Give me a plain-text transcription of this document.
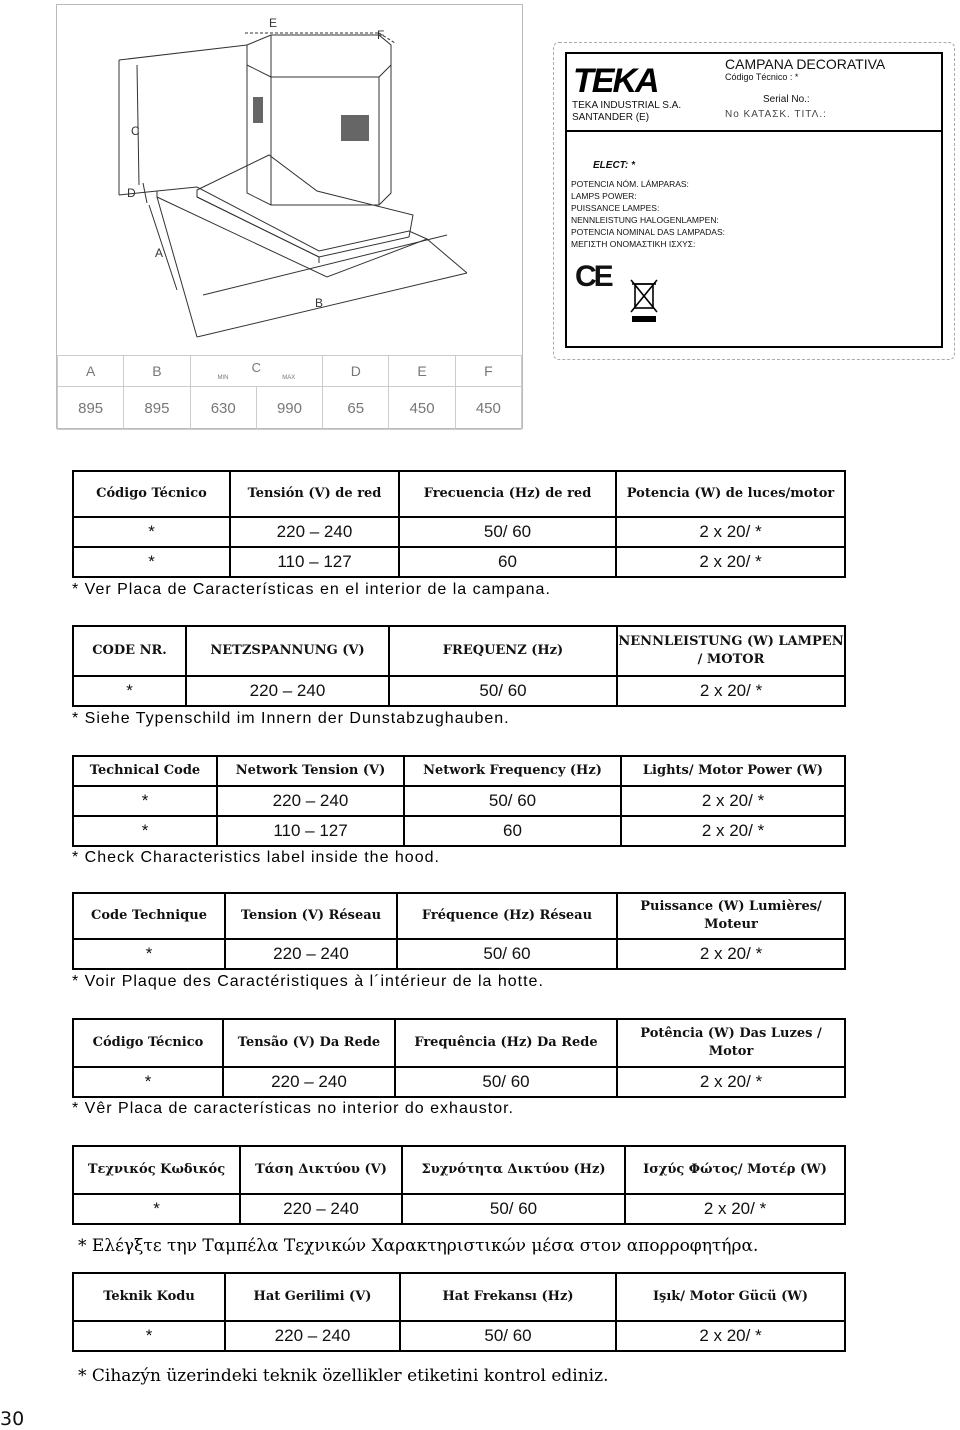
E
F
C
D
A
B
A	B	C
MIN MAX		D	E	F
895	895	630	990	65	450	450
TEKA
TEKA INDUSTRIAL S.A.
SANTANDER (E)
CAMPANA DECORATIVA
Código Técnico : *
Serial No.:
No ΚΑΤΑΣΚ. ΤΙΤΛ.:
ELECT: *
POTENCIA NÓM. LÁMPARAS:
LAMPS POWER:
PUISSANCE LAMPES:
NENNLEISTUNG HALOGENLAMPEN:
POTENCIA NOMINAL DAS LAMPADAS:
ΜΕΓΙΣΤΗ ΟΝΟΜΑΣΤΙΚΗ ΙΣΧΥΣ:
CE
Código Técnico	Tensión (V) de red	Frecuencia (Hz) de red	Potencia (W) de luces/motor
*	220 – 240	50/ 60	2 x 20/ *
*	110 – 127	60	2 x 20/ *
* Ver Placa de Características en el interior de la campana.
CODE NR.	NETZSPANNUNG (V)	FREQUENZ (Hz)	NENNLEISTUNG (W) LAMPEN / MOTOR
*	220 – 240	50/ 60	2 x 20/ *
* Siehe Typenschild im Innern der Dunstabzughauben.
Technical Code	Network Tension (V)	Network Frequency (Hz)	Lights/ Motor Power (W)
*	220 – 240	50/ 60	2 x 20/ *
*	110 – 127	60	2 x 20/ *
* Check Characteristics label inside the hood.
Code Technique	Tension (V) Réseau	Fréquence (Hz) Réseau	Puissance (W) Lumières/ Moteur
*	220 – 240	50/ 60	2 x 20/ *
* Voir Plaque des Caractéristiques à l´intérieur de la hotte.
Código Técnico	Tensão (V) Da Rede	Frequência (Hz) Da Rede	Potência (W) Das Luzes / Motor
*	220 – 240	50/ 60	2 x 20/ *
* Vêr Placa de características no interior do exhaustor.
Τεχνικός Κωδικός	Τάση Δικτύου (V)	Συχνότητα Δικτύου (Hz)	Ισχύς Φώτος/ Μοτέρ (W)
*	220 – 240	50/ 60	2 x 20/ *
* Ελέγξτε την Ταμπέλα Τεχνικών Χαρακτηριστικών μέσα στον απορροφητήρα.
Teknik Kodu	Hat Gerilimi (V)	Hat Frekansı (Hz)	Işık/ Motor Gücü (W)
*	220 – 240	50/ 60	2 x 20/ *
* Cihazýn üzerindeki teknik özellikler etiketini kontrol ediniz.
30
